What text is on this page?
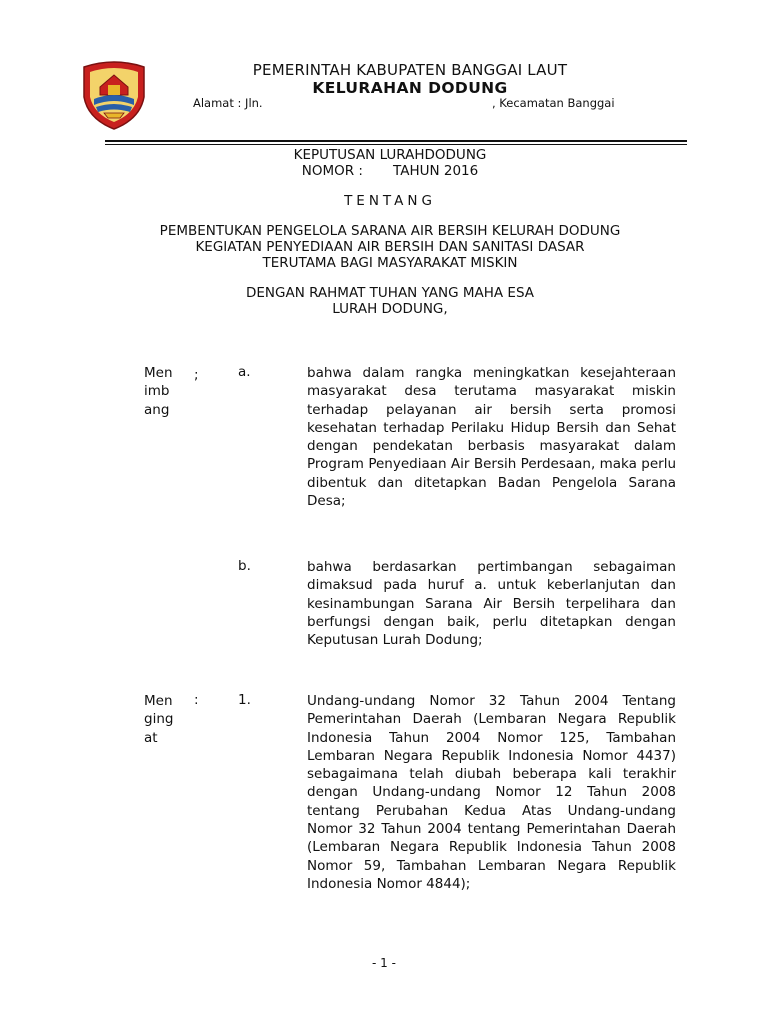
PEMERINTAH KABUPATEN BANGGAI LAUT
KELURAHAN DODUNG
Alamat : Jln.	, Kecamatan Banggai
KEPUTUSAN LURAHDODUNG
NOMOR :       TAHUN 2016
TENTANG
PEMBENTUKAN PENGELOLA SARANA AIR BERSIH KELURAH DODUNG
KEGIATAN PENYEDIAAN AIR BERSIH DAN SANITASI DASAR
TERUTAMA BAGI MASYARAKAT MISKIN
DENGAN RAHMAT TUHAN YANG MAHA ESA
LURAH DODUNG,
Men
imb
ang
;	a.	bahwa dalam rangka meningkatkan kesejahteraan masyarakat desa terutama masyarakat miskin terhadap pelayanan air bersih serta promosi kesehatan terhadap Perilaku Hidup Bersih dan Sehat dengan pendekatan berbasis masyarakat dalam Program Penyediaan Air Bersih Perdesaan, maka perlu dibentuk dan ditetapkan Badan Pengelola Sarana Desa;
b.	bahwa berdasarkan pertimbangan sebagaiman dimaksud pada huruf a. untuk keberlanjutan dan kesinambungan Sarana Air Bersih terpelihara dan berfungsi dengan baik, perlu ditetapkan dengan Keputusan Lurah Dodung;
Men
ging
at
:	1.	Undang-undang Nomor 32 Tahun 2004 Tentang Pemerintahan Daerah (Lembaran Negara Republik Indonesia Tahun 2004 Nomor 125, Tambahan Lembaran Negara Republik Indonesia Nomor 4437) sebagaimana telah diubah beberapa kali terakhir dengan Undang-undang Nomor 12 Tahun 2008 tentang Perubahan Kedua Atas Undang-undang Nomor 32 Tahun 2004 tentang Pemerintahan Daerah (Lembaran Negara Republik Indonesia Tahun 2008 Nomor 59, Tambahan Lembaran Negara Republik Indonesia Nomor 4844);
- 1 -
